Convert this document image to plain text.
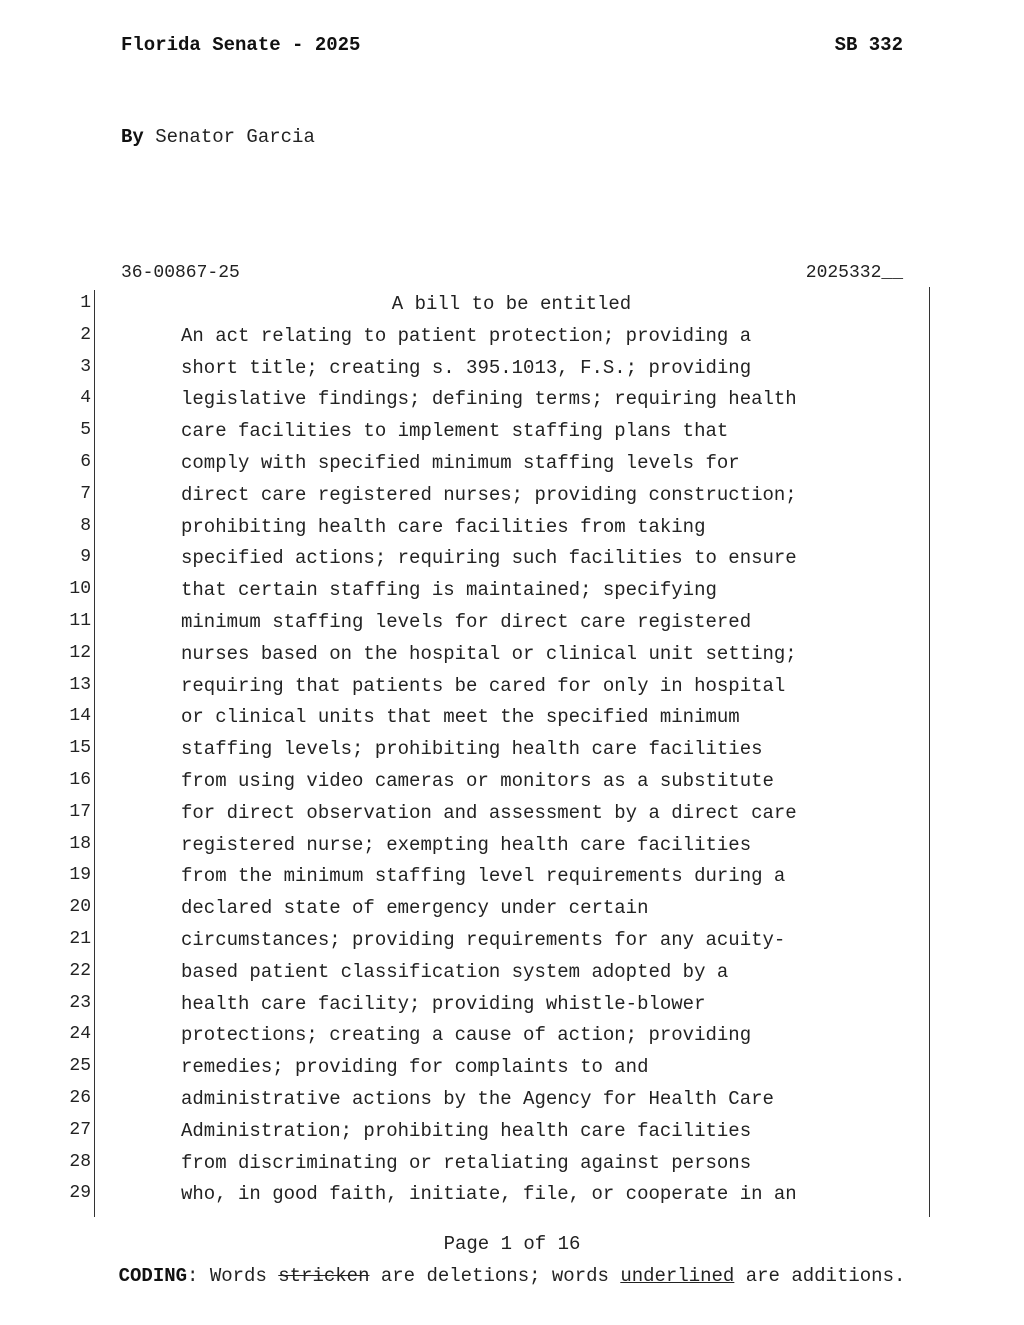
Florida Senate - 2025	SB 332
By Senator Garcia
36-00867-25	2025332__
1	A bill to be entitled
2	An act relating to patient protection; providing a
3	short title; creating s. 395.1013, F.S.; providing
4	legislative findings; defining terms; requiring health
5	care facilities to implement staffing plans that
6	comply with specified minimum staffing levels for
7	direct care registered nurses; providing construction;
8	prohibiting health care facilities from taking
9	specified actions; requiring such facilities to ensure
10	that certain staffing is maintained; specifying
11	minimum staffing levels for direct care registered
12	nurses based on the hospital or clinical unit setting;
13	requiring that patients be cared for only in hospital
14	or clinical units that meet the specified minimum
15	staffing levels; prohibiting health care facilities
16	from using video cameras or monitors as a substitute
17	for direct observation and assessment by a direct care
18	registered nurse; exempting health care facilities
19	from the minimum staffing level requirements during a
20	declared state of emergency under certain
21	circumstances; providing requirements for any acuity-
22	based patient classification system adopted by a
23	health care facility; providing whistle-blower
24	protections; creating a cause of action; providing
25	remedies; providing for complaints to and
26	administrative actions by the Agency for Health Care
27	Administration; prohibiting health care facilities
28	from discriminating or retaliating against persons
29	who, in good faith, initiate, file, or cooperate in an
Page 1 of 16
CODING: Words stricken are deletions; words underlined are additions.
